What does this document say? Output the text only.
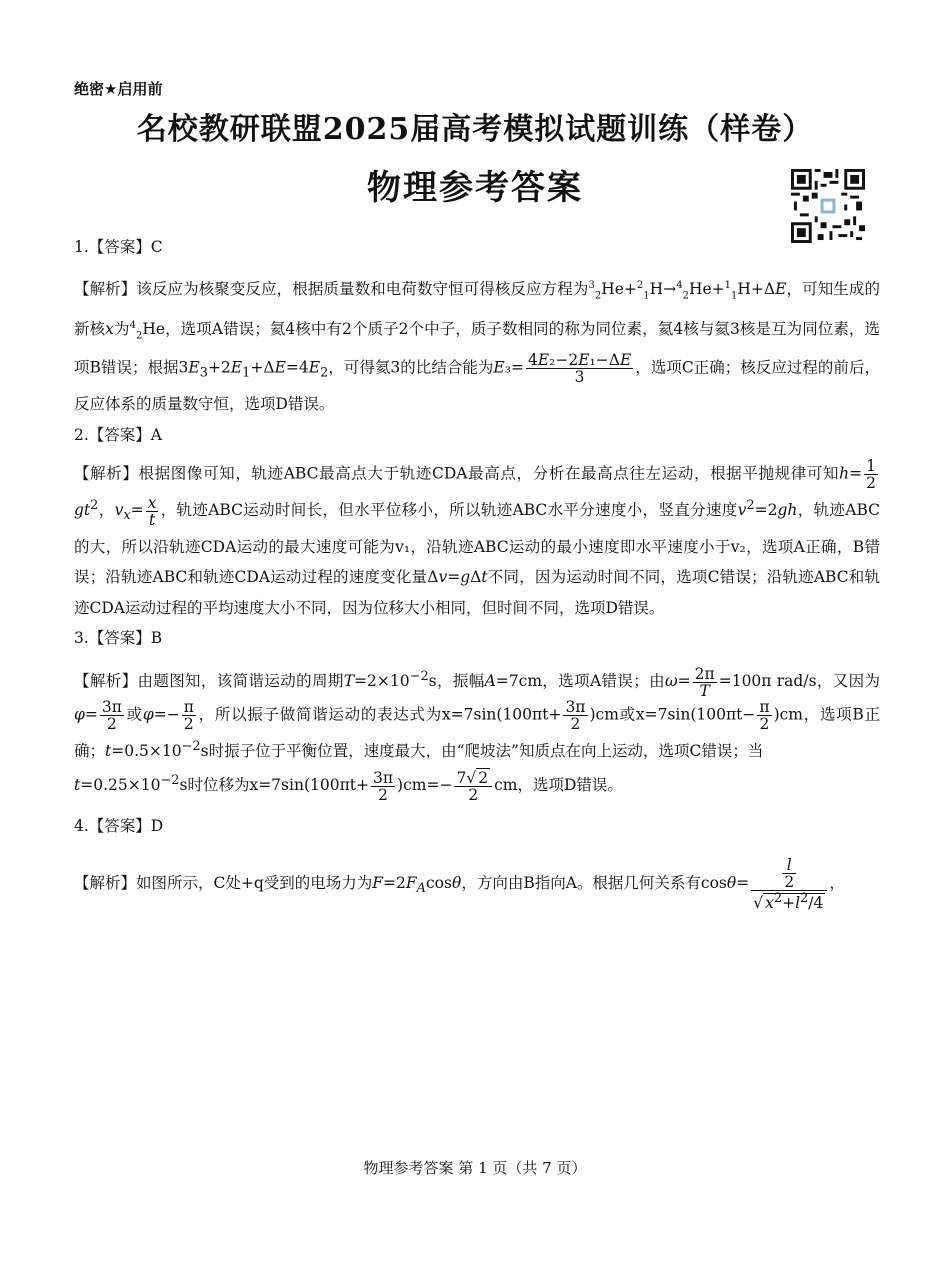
绝密★启用前
名校教研联盟2025届高考模拟试题训练（样卷）
物理参考答案

1.【答案】C

【解析】该反应为核聚变反应，根据质量数和电荷数守恒可得核反应方程为$^3_2$He+$^2_1$H→$^4_2$He+$^1_1$H+ΔE，可知生成的新核x为$^4_2$He，选项A错误；氦4核中有2个质子2个中子，质子数相同的称为同位素，氦4核与氦3核是互为同位素，选项B错误；根据$3E_3+2E_1+\Delta E=4E_2$，可得氦3的比结合能为$E_3= \frac{\text{4E₂−2E₁−ΔE}}{3}$ ，选项C正确；核反应过程的前后，反应体系的质量数守恒，选项D错误。

2.【答案】A

【解析】根据图像可知，轨迹ABC最高点大于轨迹CDA最高点，分析在最高点往左运动，根据平抛规律可知$h= \frac{1}{2}$
$gt^2$，$v_x= \frac{x}{t}$ ，轨迹ABC运动时间长，但水平位移小，所以轨迹ABC水平分速度小，竖直分速度$v^2=2gh$，轨迹ABC的大，所以沿轨迹CDA运动的最大速度可能为v₁，沿轨迹ABC运动的最小速度即水平速度小于v₂，选项A正确，B错误；沿轨迹ABC和轨迹CDA运动过程的速度变化量Δv=gΔt不同，因为运动时间不同，选项C错误；沿轨迹ABC和轨迹CDA运动过程的平均速度大小不同，因为位移大小相同，但时间不同，选项D错误。

3.【答案】B

【解析】由题图知，该简谐运动的周期$T=2\times 10^{-2}s$，振幅A=7cm，选项A错误；由$\omega= \frac{2\pi}{T} =100\pi$ rad/s，又因为$\varphi= \frac{3\pi}{2}$ 或$\varphi=- \frac{\pi}{2}$ ，所以振子做简谐运动的表达式为$x=7\sin(100\pi t+ \frac{3\pi}{2} )cm$或$x=7\sin(100\pi t- \frac{\pi}{2} )cm$，选项B正确；$t=0.5\times 10^{-2}s$时振子位于平衡位置，速度最大，由“爬坡法”知质点在向上运动，选项C错误；当
$t=0.25\times 10^{-2}s$时位移为$x=7\sin(100\pi t+ \frac{3\pi}{2} )cm=- \frac{7√ 2}{2}$ cm，选项D错误。

4.【答案】D

【解析】如图所示，C处+q受到的电场力为$F=2F_A\cos\theta$，方向由B指向A。根据几何关系有$\cos\theta= \frac{\frac{l}{2}}{√ x^2+l^2/4}$ ，

物理参考答案 第 1 页（共 7 页）
